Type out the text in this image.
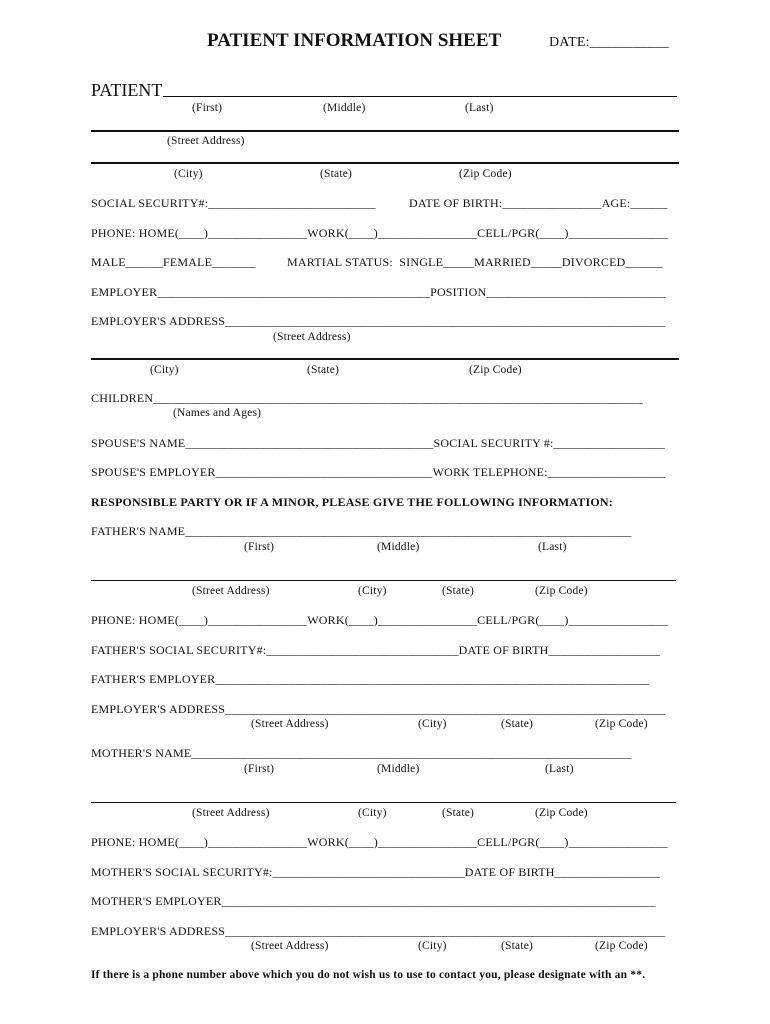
PATIENT INFORMATION SHEET	DATE:___________
PATIENT
(First)	(Middle)	(Last)
(Street Address)
(City)	(State)	(Zip Code)
SOCIAL SECURITY#:___________________________	DATE OF BIRTH:________________AGE:______
PHONE: HOME(____)________________WORK(____)________________CELL/PGR(____)________________
MALE______FEMALE_______	MARTIAL STATUS:  SINGLE_____MARRIED_____DIVORCED______
EMPLOYER____________________________________________POSITION_____________________________
EMPLOYER'S ADDRESS_______________________________________________________________________
(Street Address)
(City)	(State)	(Zip Code)
CHILDREN_______________________________________________________________________________
(Names and Ages)
SPOUSE'S NAME________________________________________SOCIAL SECURITY #:__________________
SPOUSE'S EMPLOYER___________________________________WORK TELEPHONE:___________________
RESPONSIBLE PARTY OR IF A MINOR, PLEASE GIVE THE FOLLOWING INFORMATION:
FATHER'S NAME________________________________________________________________________
(First)	(Middle)	(Last)
(Street Address)	(City)	(State)	(Zip Code)
PHONE: HOME(____)________________WORK(____)________________CELL/PGR(____)________________
FATHER'S SOCIAL SECURITY#:_______________________________DATE OF BIRTH__________________
FATHER'S EMPLOYER______________________________________________________________________
EMPLOYER'S ADDRESS_______________________________________________________________________
(Street Address)	(City)	(State)	(Zip Code)
MOTHER'S NAME_______________________________________________________________________
(First)	(Middle)	(Last)
(Street Address)	(City)	(State)	(Zip Code)
PHONE: HOME(____)________________WORK(____)________________CELL/PGR(____)________________
MOTHER'S SOCIAL SECURITY#:_______________________________DATE OF BIRTH_________________
MOTHER'S EMPLOYER______________________________________________________________________
EMPLOYER'S ADDRESS_______________________________________________________________________
(Street Address)	(City)	(State)	(Zip Code)
If there is a phone number above which you do not wish us to use to contact you, please designate with an **.
